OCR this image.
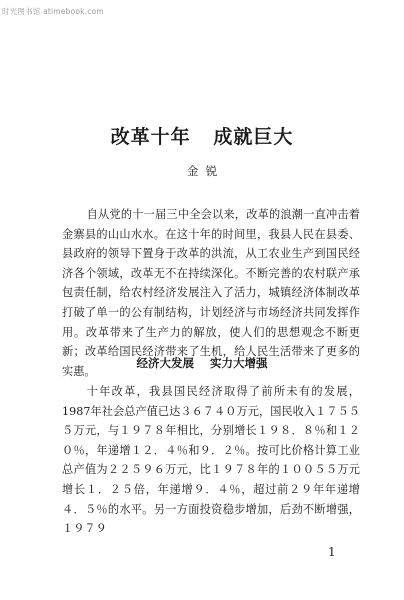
时光图书馆 atimebook.com
改革十年   成就巨大
金  锐

自从党的十一届三中全会以来，改革的浪潮一直冲击着金寨县的山山水水。在这十年的时间里，我县人民在县委、县政府的领导下置身于改革的洪流，从工农业生产到国民经济各个领域，改革无不在持续深化。不断完善的农村联产承包责任制，给农村经济发展注入了活力，城镇经济体制改革打破了单一的公有制结构，计划经济与市场经济共同发挥作用。改革带来了生产力的解放，使人们的思想观念不断更新；改革给国民经济带来了生机，给人民生活带来了更多的实惠。

经济大发展    实力大增强

十年改革，我县国民经济取得了前所未有的发展，1987年社会总产值已达３６７４０万元，国民收入１７５５５万元，与１９７８年相比，分别增长１９８．８％和１２０％，年递增１２．４％和９．２％。按可比价格计算工业总产值为２２５９６万元，比１９７８年的１００５５万元增长１．２５倍，年递增９．４％，超过前２９年年递增４．５％的水平。另一方面投资稳步增加，后劲不断增强，１９７９

1
